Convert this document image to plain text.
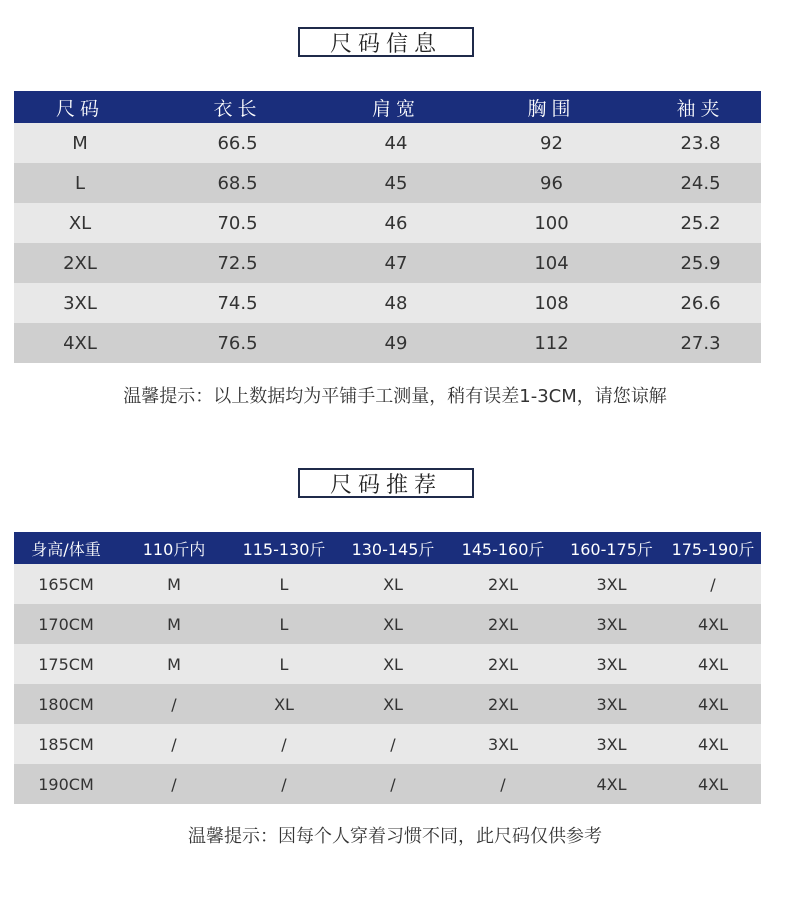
尺码信息
尺码	衣长	肩宽	胸围	袖夹
M	66.5	44	92	23.8
L	68.5	45	96	24.5
XL	70.5	46	100	25.2
2XL	72.5	47	104	25.9
3XL	74.5	48	108	26.6
4XL	76.5	49	112	27.3
温馨提示：以上数据均为平铺手工测量，稍有误差1-3CM，请您谅解
尺码推荐
身高/体重	110斤内	115-130斤	130-145斤	145-160斤	160-175斤	175-190斤
165CM	M	L	XL	2XL	3XL	/
170CM	M	L	XL	2XL	3XL	4XL
175CM	M	L	XL	2XL	3XL	4XL
180CM	/	XL	XL	2XL	3XL	4XL
185CM	/	/	/	3XL	3XL	4XL
190CM	/	/	/	/	4XL	4XL
温馨提示：因每个人穿着习惯不同，此尺码仅供参考
